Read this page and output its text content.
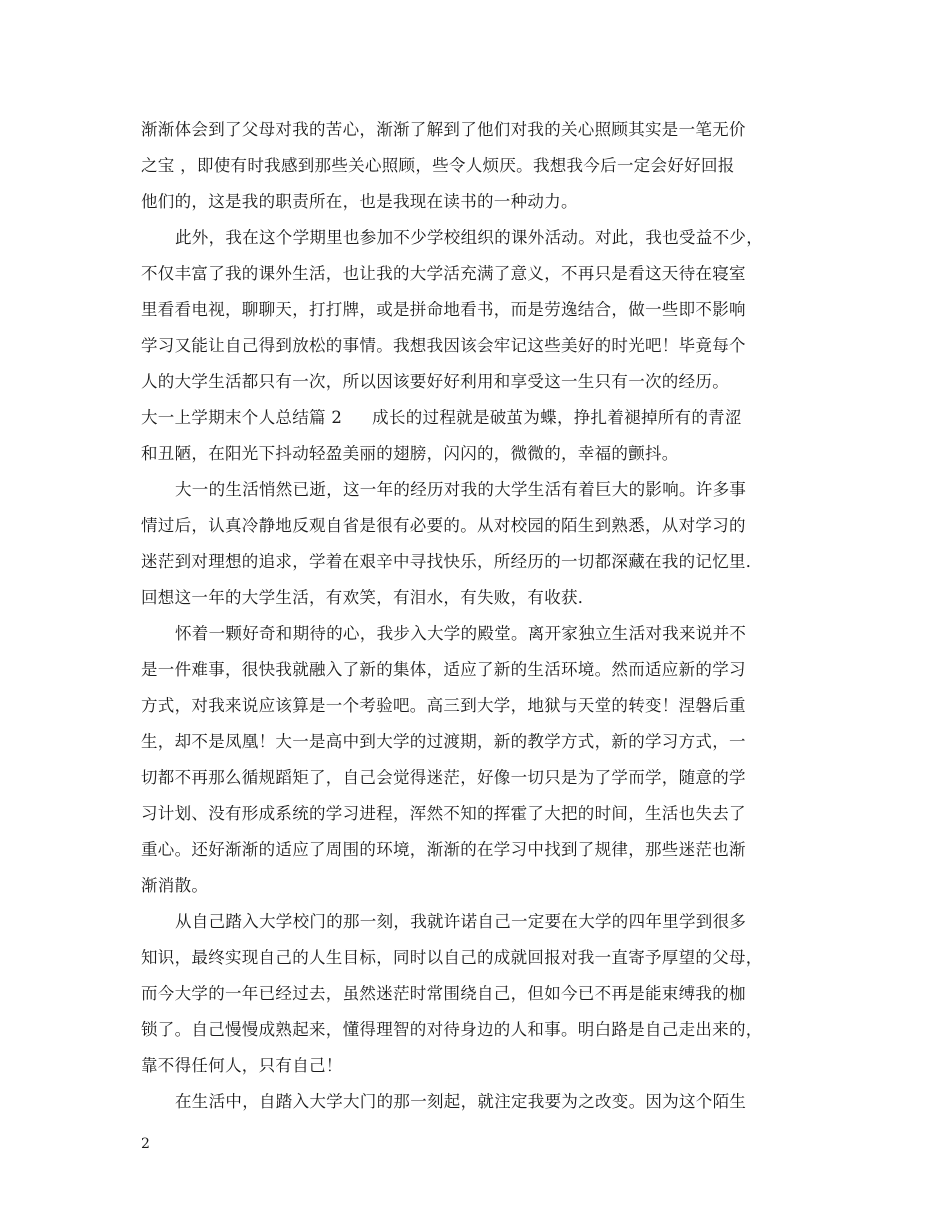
渐渐体会到了父母对我的苦心，渐渐了解到了他们对我的关心照顾其实是一笔无价
之宝 ，即使有时我感到那些关心照顾，些令人烦厌。我想我今后一定会好好回报
他们的，这是我的职责所在，也是我现在读书的一种动力。
此外，我在这个学期里也参加不少学校组织的课外活动。对此，我也受益不少，
不仅丰富了我的课外生活，也让我的大学活充满了意义，不再只是看这天待在寝室
里看看电视，聊聊天，打打牌，或是拼命地看书，而是劳逸结合，做一些即不影响
学习又能让自己得到放松的事情。我想我因该会牢记这些美好的时光吧！毕竟每个
人的大学生活都只有一次，所以因该要好好利用和享受这一生只有一次的经历。
大一上学期末个人总结篇 2 成长的过程就是破茧为蝶，挣扎着褪掉所有的青涩
和丑陋，在阳光下抖动轻盈美丽的翅膀，闪闪的，微微的，幸福的颤抖。
大一的生活悄然已逝，这一年的经历对我的大学生活有着巨大的影响。许多事
情过后，认真冷静地反观自省是很有必要的。从对校园的陌生到熟悉，从对学习的
迷茫到对理想的追求，学着在艰辛中寻找快乐，所经历的一切都深藏在我的记忆里．
回想这一年的大学生活，有欢笑，有泪水，有失败，有收获．
怀着一颗好奇和期待的心，我步入大学的殿堂。离开家独立生活对我来说并不
是一件难事，很快我就融入了新的集体，适应了新的生活环境。然而适应新的学习
方式，对我来说应该算是一个考验吧。高三到大学，地狱与天堂的转变！涅磐后重
生，却不是凤凰！大一是高中到大学的过渡期，新的教学方式，新的学习方式，一
切都不再那么循规蹈矩了，自己会觉得迷茫，好像一切只是为了学而学，随意的学
习计划、没有形成系统的学习进程，浑然不知的挥霍了大把的时间，生活也失去了
重心。还好渐渐的适应了周围的环境，渐渐的在学习中找到了规律，那些迷茫也渐
渐消散。
从自己踏入大学校门的那一刻，我就许诺自己一定要在大学的四年里学到很多
知识，最终实现自己的人生目标，同时以自己的成就回报对我一直寄予厚望的父母，
而今大学的一年已经过去，虽然迷茫时常围绕自己，但如今已不再是能束缚我的枷
锁了。自己慢慢成熟起来，懂得理智的对待身边的人和事。明白路是自己走出来的，
靠不得任何人，只有自己！
在生活中，自踏入大学大门的那一刻起，就注定我要为之改变。因为这个陌生
2
